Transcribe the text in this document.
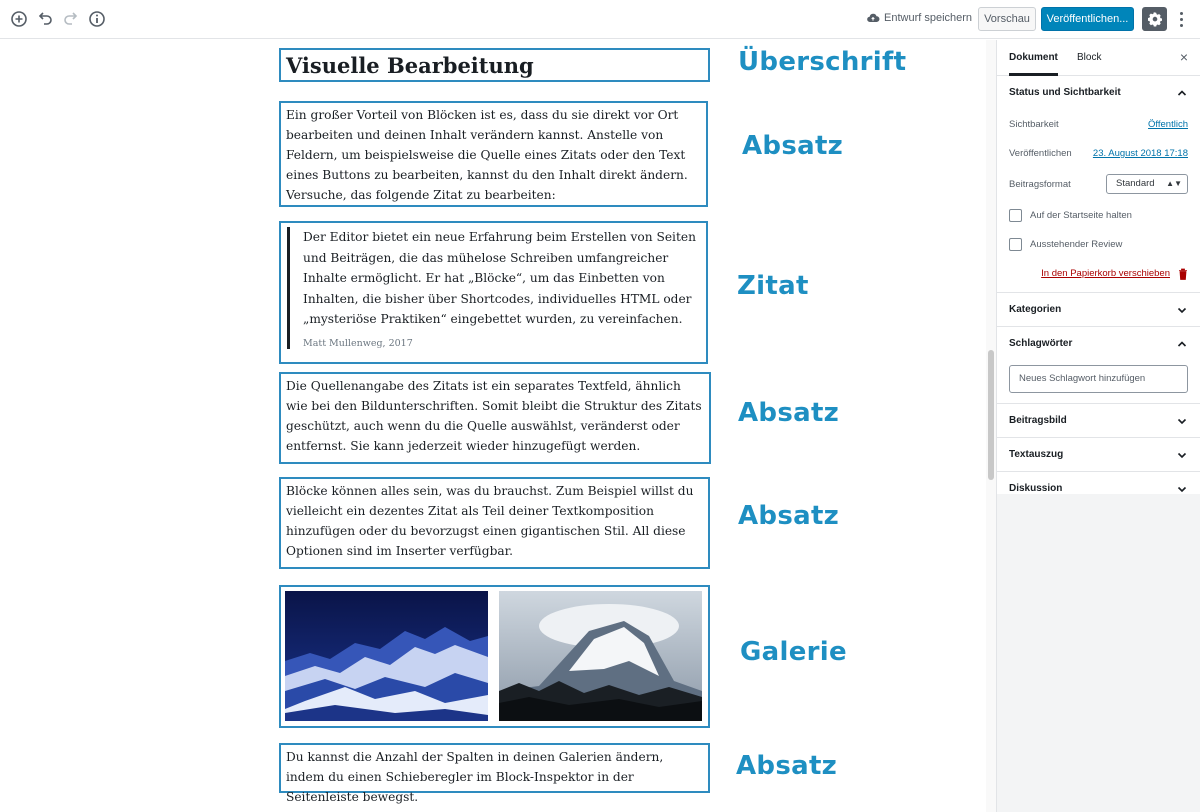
Entwurf speichern	Vorschau	Veröffentlichen...
Visuelle Bearbeitung	Überschrift
Ein großer Vorteil von Blöcken ist es, dass du sie direkt vor Ort bearbeiten und deinen Inhalt verändern kannst. Anstelle von Feldern, um beispielsweise die Quelle eines Zitats oder den Text eines Buttons zu bearbeiten, kannst du den Inhalt direkt ändern. Versuche, das folgende Zitat zu bearbeiten:
Absatz
Der Editor bietet ein neue Erfahrung beim Erstellen von Seiten und Beiträgen, die das mühelose Schreiben umfangreicher Inhalte ermöglicht. Er hat „Blöcke“, um das Einbetten von Inhalten, die bisher über Shortcodes, individuelles HTML oder „mysteriöse Praktiken“ eingebettet wurden, zu vereinfachen.
Matt Mullenweg, 2017
Zitat
Die Quellenangabe des Zitats ist ein separates Textfeld, ähnlich wie bei den Bildunterschriften. Somit bleibt die Struktur des Zitats geschützt, auch wenn du die Quelle auswählst, veränderst oder entfernst. Sie kann jederzeit wieder hinzugefügt werden.
Absatz
Blöcke können alles sein, was du brauchst. Zum Beispiel willst du vielleicht ein dezentes Zitat als Teil deiner Textkomposition hinzufügen oder du bevorzugst einen gigantischen Stil. All diese Optionen sind im Inserter verfügbar.
Absatz
Galerie
Du kannst die Anzahl der Spalten in deinen Galerien ändern, indem du einen Schieberegler im Block-Inspektor in der Seitenleiste bewegst.
Absatz
Dokument Block	×
Status und Sichtbarkeit
Sichtbarkeit	Öffentlich
Veröffentlichen 23. August 2018 17:18
Beitragsformat	Standard ▲▼
Auf der Startseite halten
Ausstehender Review
In den Papierkorb verschieben
Kategorien
Schlagwörter
Neues Schlagwort hinzufügen
Beitragsbild
Textauszug
Diskussion
